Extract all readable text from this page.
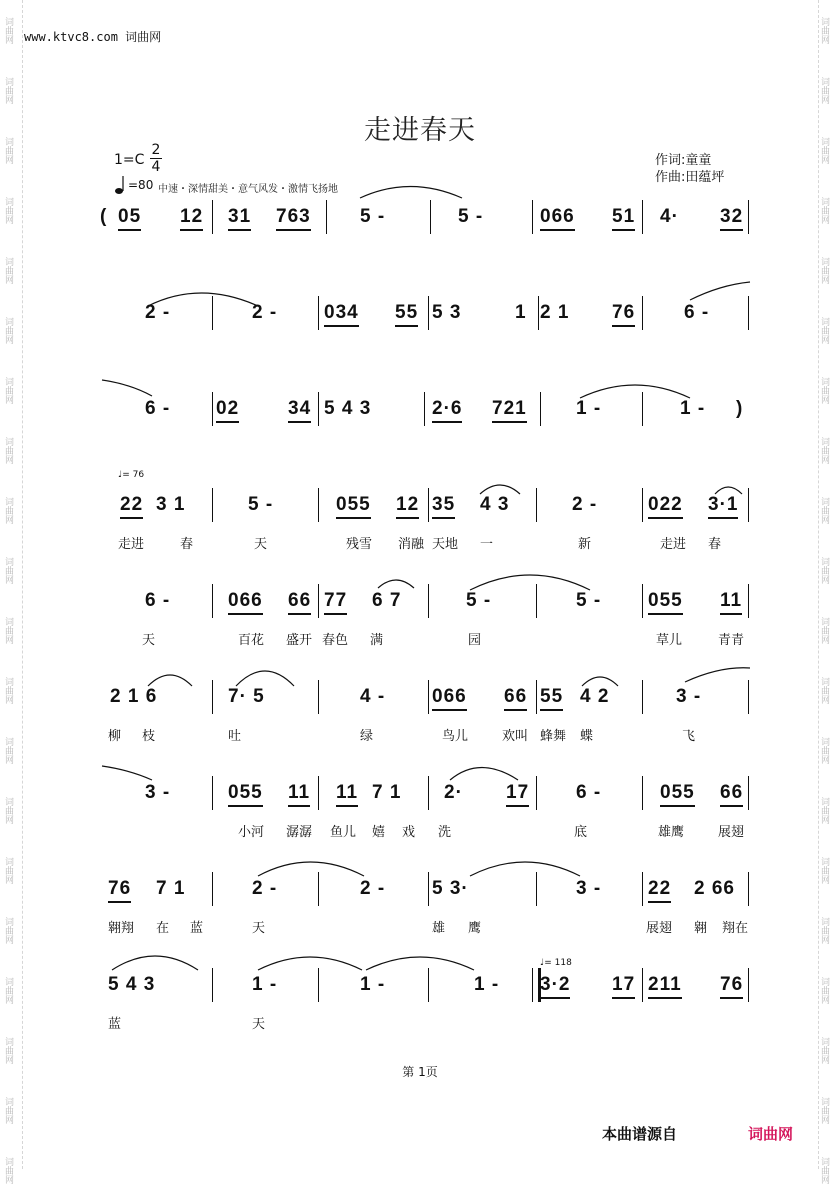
词曲网
词曲网
词曲网
词曲网
词曲网
词曲网
词曲网
词曲网
词曲网
词曲网
词曲网
词曲网
词曲网
词曲网
词曲网
词曲网
词曲网
词曲网
词曲网
词曲网
词曲网
词曲网
词曲网
词曲网
词曲网
词曲网
词曲网
词曲网
词曲网
词曲网
词曲网
词曲网
词曲网
词曲网
词曲网
词曲网
词曲网
词曲网
词曲网
词曲网
www.ktvc8.com 词曲网
走进春天
1=C
2
4
=80 中速・深情甜美・意气风发・激情飞扬地
作词:童童
作曲:田蕴坪
( 05 12 31 763	5 -	5 -	066 51 4· 32
2 -	2 - 034 55 5 3	1 2 1 76	6 -
6 - 02	34 5 4 3	2·6 721	1 -	1 - )
22 3 1	5 -	055 12 35 4 3	2 -	022 3·1
6 -	066 66 77 6 7	5 -	5 - 055 11
2 1 6	7· 5	4 - 066 66 55 4 2	3 -
3 -	055 11 11 7 1 2· 17 6 -	055 66
76 7 1	2 -	2 - 5 3·	3 - 22 2 66
5 4 3	1 -	1 -	1 - 3·2 17 211 76
♩= 76
♩= 118
走进	春	天	残雪 消融 天地 一	新	走进 春
天	百花 盛开 春色 满	园	草儿	青青
柳 枝	吐	绿	鸟儿	欢叫 蜂舞 蝶	飞
小河 潺潺 鱼儿 嬉 戏 洗	底	雄鹰	展翅
翱翔 在 蓝	天	雄 鹰	展翅 翱 翔在
蓝	天
第 1页
本曲谱源自	词曲网
